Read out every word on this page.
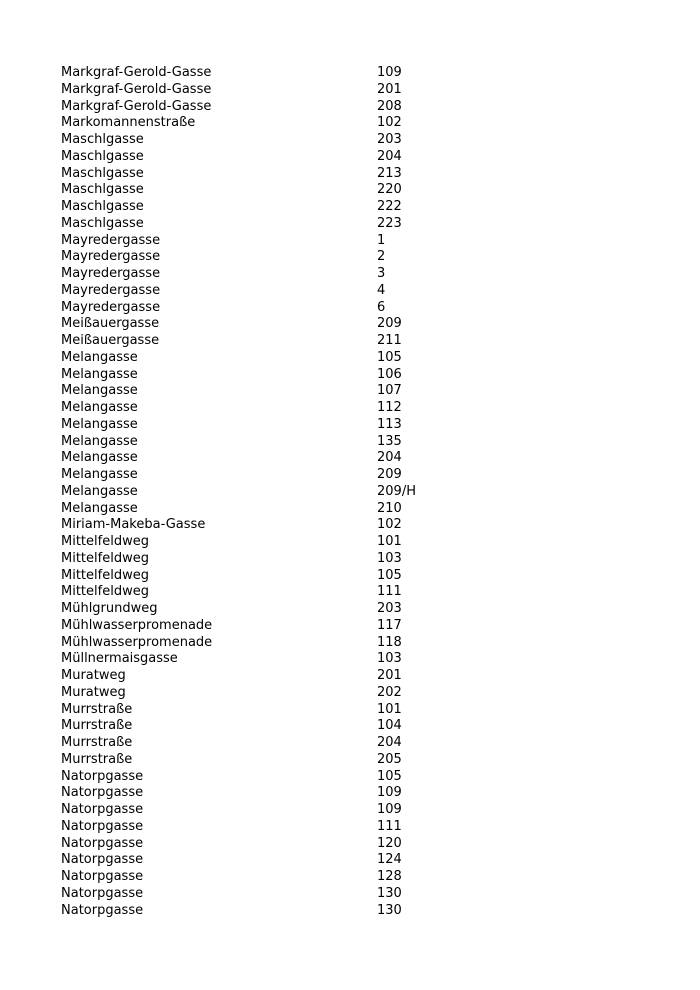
Markgraf-Gerold-Gasse	109
Markgraf-Gerold-Gasse	201
Markgraf-Gerold-Gasse	208
Markomannenstraße	102
Maschlgasse	203
Maschlgasse	204
Maschlgasse	213
Maschlgasse	220
Maschlgasse	222
Maschlgasse	223
Mayredergasse	1
Mayredergasse	2
Mayredergasse	3
Mayredergasse	4
Mayredergasse	6
Meißauergasse	209
Meißauergasse	211
Melangasse	105
Melangasse	106
Melangasse	107
Melangasse	112
Melangasse	113
Melangasse	135
Melangasse	204
Melangasse	209
Melangasse	209/H
Melangasse	210
Miriam-Makeba-Gasse	102
Mittelfeldweg	101
Mittelfeldweg	103
Mittelfeldweg	105
Mittelfeldweg	111
Mühlgrundweg	203
Mühlwasserpromenade	117
Mühlwasserpromenade	118
Müllnermaisgasse	103
Muratweg	201
Muratweg	202
Murrstraße	101
Murrstraße	104
Murrstraße	204
Murrstraße	205
Natorpgasse	105
Natorpgasse	109
Natorpgasse	109
Natorpgasse	111
Natorpgasse	120
Natorpgasse	124
Natorpgasse	128
Natorpgasse	130
Natorpgasse	130
